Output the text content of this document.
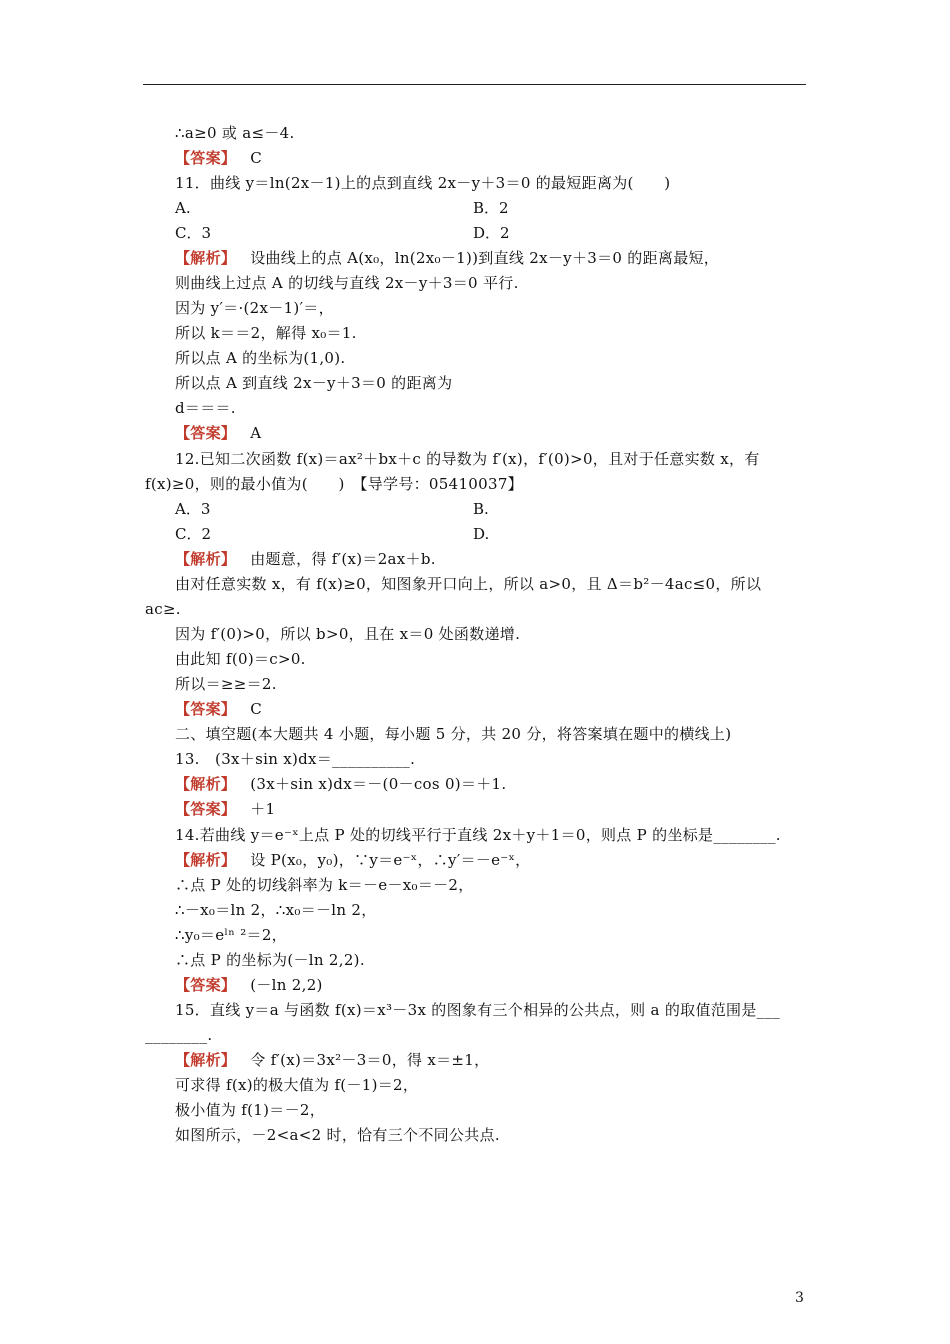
∴a≥0 或 a≤－4.
【答案】 C
11．曲线 y＝ln(2x－1)上的点到直线 2x－y＋3＝0 的最短距离为(　　)
A.	B．2
C．3	D．2
【解析】 设曲线上的点 A(x₀，ln(2x₀－1))到直线 2x－y＋3＝0 的距离最短，
则曲线上过点 A 的切线与直线 2x－y＋3＝0 平行.
因为 y′＝·(2x－1)′＝，
所以 k＝＝2，解得 x₀＝1.
所以点 A 的坐标为(1,0).
所以点 A 到直线 2x－y＋3＝0 的距离为
d＝＝＝.
【答案】 A
12.已知二次函数 f(x)＝ax²＋bx＋c 的导数为 f′(x)，f′(0)>0，且对于任意实数 x，有
f(x)≥0，则的最小值为(　　)　【导学号：05410037】
A．3	B.
C．2	D.
【解析】 由题意，得 f′(x)＝2ax＋b.
由对任意实数 x，有 f(x)≥0，知图象开口向上，所以 a>0，且 Δ＝b²－4ac≤0，所以
ac≥.
因为 f′(0)>0，所以 b>0，且在 x＝0 处函数递增.
由此知 f(0)＝c>0.
所以＝≥≥＝2.
【答案】 C
二、填空题(本大题共 4 小题，每小题 5 分，共 20 分，将答案填在题中的横线上)
13.　(3x＋sin x)dx＝__________.
【解析】 (3x＋sin x)dx＝－(0－cos 0)＝＋1.
【答案】 ＋1
14.若曲线 y＝e⁻ˣ上点 P 处的切线平行于直线 2x＋y＋1＝0，则点 P 的坐标是________.
【解析】 设 P(x₀，y₀)，∵y＝e⁻ˣ，∴y′＝－e⁻ˣ，
∴点 P 处的切线斜率为 k＝－e－x₀＝－2，
∴－x₀＝ln 2，∴x₀＝－ln 2，
∴y₀＝eˡⁿ ²＝2，
∴点 P 的坐标为(－ln 2,2).
【答案】 (－ln 2,2)
15．直线 y＝a 与函数 f(x)＝x³－3x 的图象有三个相异的公共点，则 a 的取值范围是___
________.
【解析】 令 f′(x)＝3x²－3＝0，得 x＝±1，
可求得 f(x)的极大值为 f(－1)＝2，
极小值为 f(1)＝－2，
如图所示，－2<a<2 时，恰有三个不同公共点.
3
